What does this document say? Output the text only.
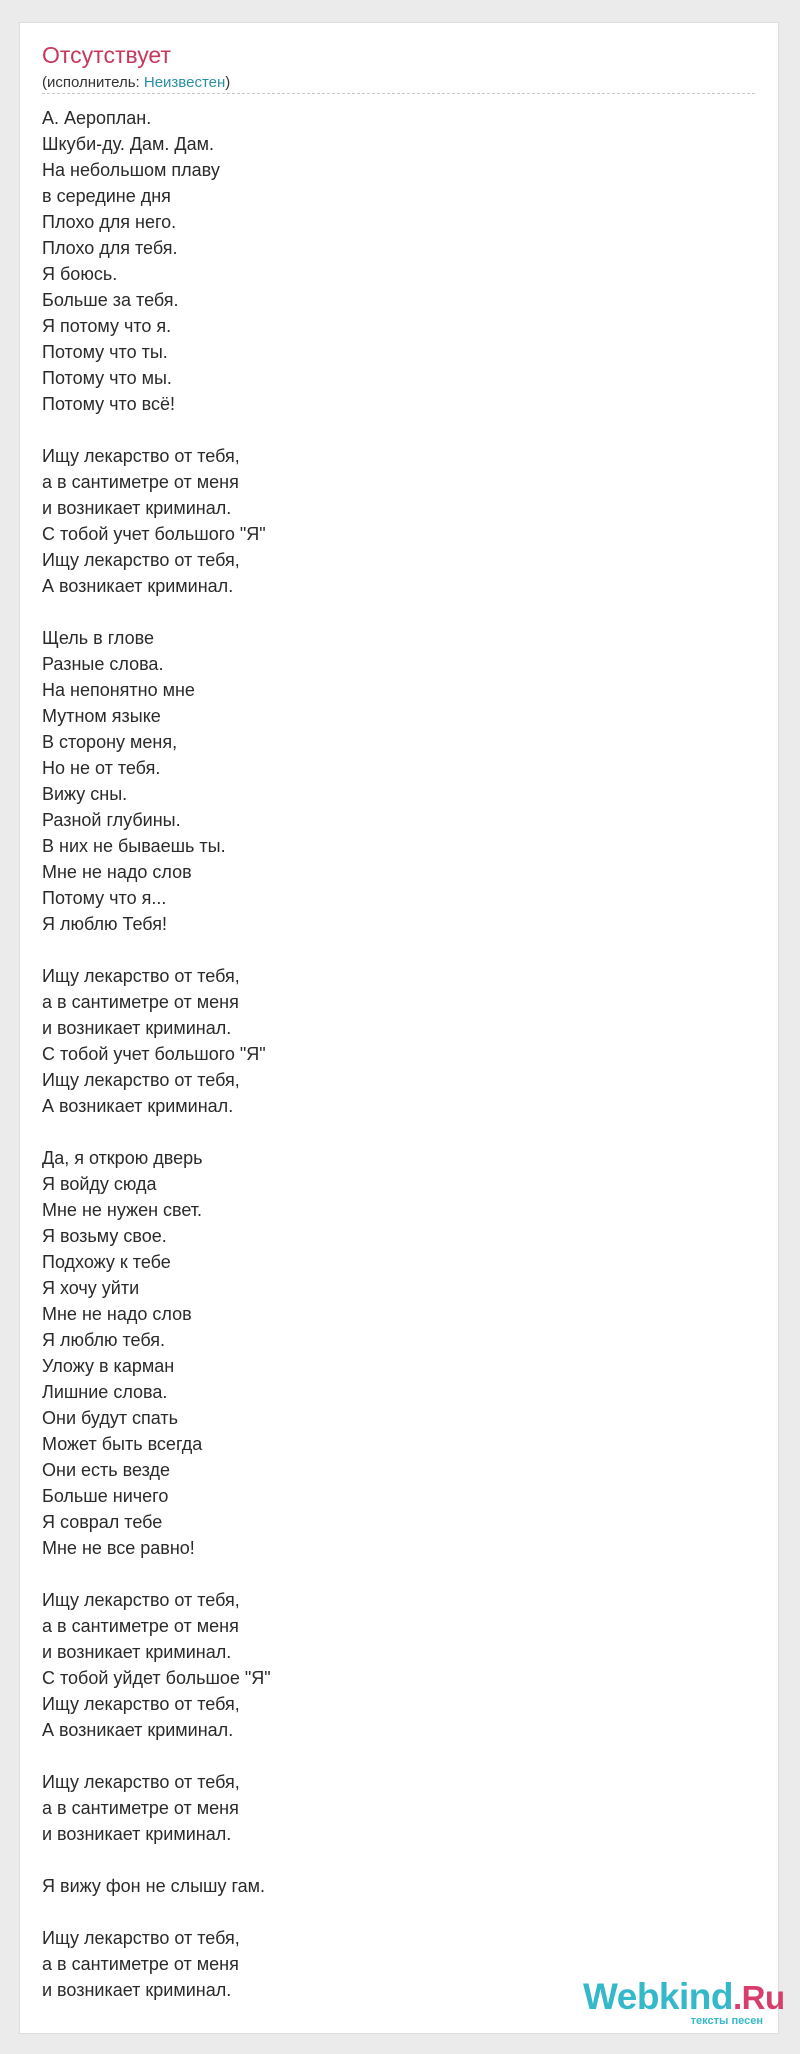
Отсутствует
(исполнитель: Неизвестен)
А. Аероплан.
Шкуби-ду. Дам. Дам.
На небольшом плаву
в середине дня
Плохо для него.
Плохо для тебя.
Я боюсь.
Больше за тебя.
Я потому что я.
Потому что ты.
Потому что мы.
Потому что всё!
Ищу лекарство от тебя,
а в сантиметре от меня
и возникает криминал.
С тобой учет большого "Я"
Ищу лекарство от тебя,
А возникает криминал.
Щель в глове
Разные слова.
На непонятно мне
Мутном языке
В сторону меня,
Но не от тебя.
Вижу сны.
Разной глубины.
В них не бываешь ты.
Мне не надо слов
Потому что я...
Я люблю Тебя!
Ищу лекарство от тебя,
а в сантиметре от меня
и возникает криминал.
С тобой учет большого "Я"
Ищу лекарство от тебя,
А возникает криминал.
Да, я открою дверь
Я войду сюда
Мне не нужен свет.
Я возьму свое.
Подхожу к тебе
Я хочу уйти
Мне не надо слов
Я люблю тебя.
Уложу в карман
Лишние слова.
Они будут спать
Может быть всегда
Они есть везде
Больше ничего
Я соврал тебе
Мне не все равно!
Ищу лекарство от тебя,
а в сантиметре от меня
и возникает криминал.
С тобой уйдет большое "Я"
Ищу лекарство от тебя,
А возникает криминал.
Ищу лекарство от тебя,
а в сантиметре от меня
и возникает криминал.
Я вижу фон не слышу гам.
Ищу лекарство от тебя,
а в сантиметре от меня
и возникает криминал.	Webkind.Ru
тексты песен
